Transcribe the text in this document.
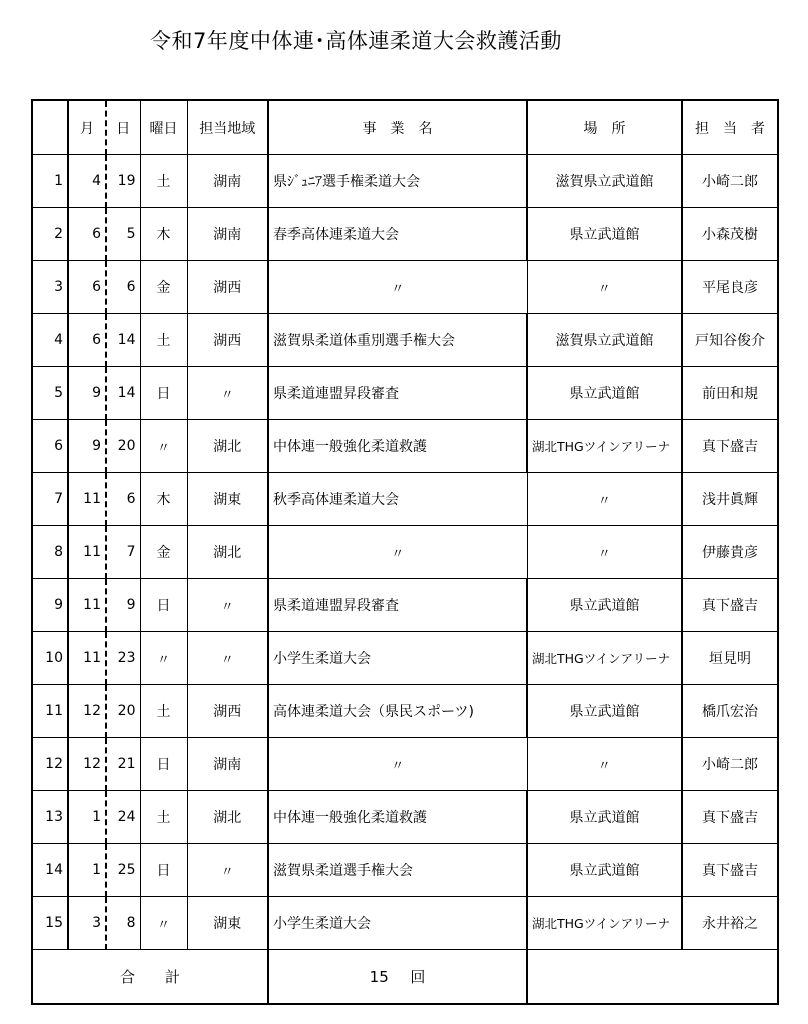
令和7年度中体連･高体連柔道大会救護活動
	月	日	曜日	担当地域	事　業　名	場　所	担　当　者
1	4	19	土	湖南	県ｼﾞｭﾆｱ選手権柔道大会	滋賀県立武道館	小崎二郎
2	6	5	木	湖南	春季高体連柔道大会	県立武道館	小森茂樹
3	6	6	金	湖西	〃	〃	平尾良彦
4	6	14	土	湖西	滋賀県柔道体重別選手権大会	滋賀県立武道館	戸知谷俊介
5	9	14	日	〃	県柔道連盟昇段審査	県立武道館	前田和規
6	9	20	〃	湖北	中体連一般強化柔道救護	湖北THGツインアリーナ	真下盛吉
7	11	6	木	湖東	秋季高体連柔道大会	〃	浅井眞輝
8	11	7	金	湖北	〃	〃	伊藤貴彦
9	11	9	日	〃	県柔道連盟昇段審査	県立武道館	真下盛吉
10	11	23	〃	〃	小学生柔道大会	湖北THGツインアリーナ	垣見明
11	12	20	土	湖西	高体連柔道大会（県民スポーツ)	県立武道館	橋爪宏治
12	12	21	日	湖南	〃	〃	小崎二郎
13	1	24	土	湖北	中体連一般強化柔道救護	県立武道館	真下盛吉
14	1	25	日	〃	滋賀県柔道選手権大会	県立武道館	真下盛吉
15	3	8	〃	湖東	小学生柔道大会	湖北THGツインアリーナ	永井裕之
合　　計					15 回		
